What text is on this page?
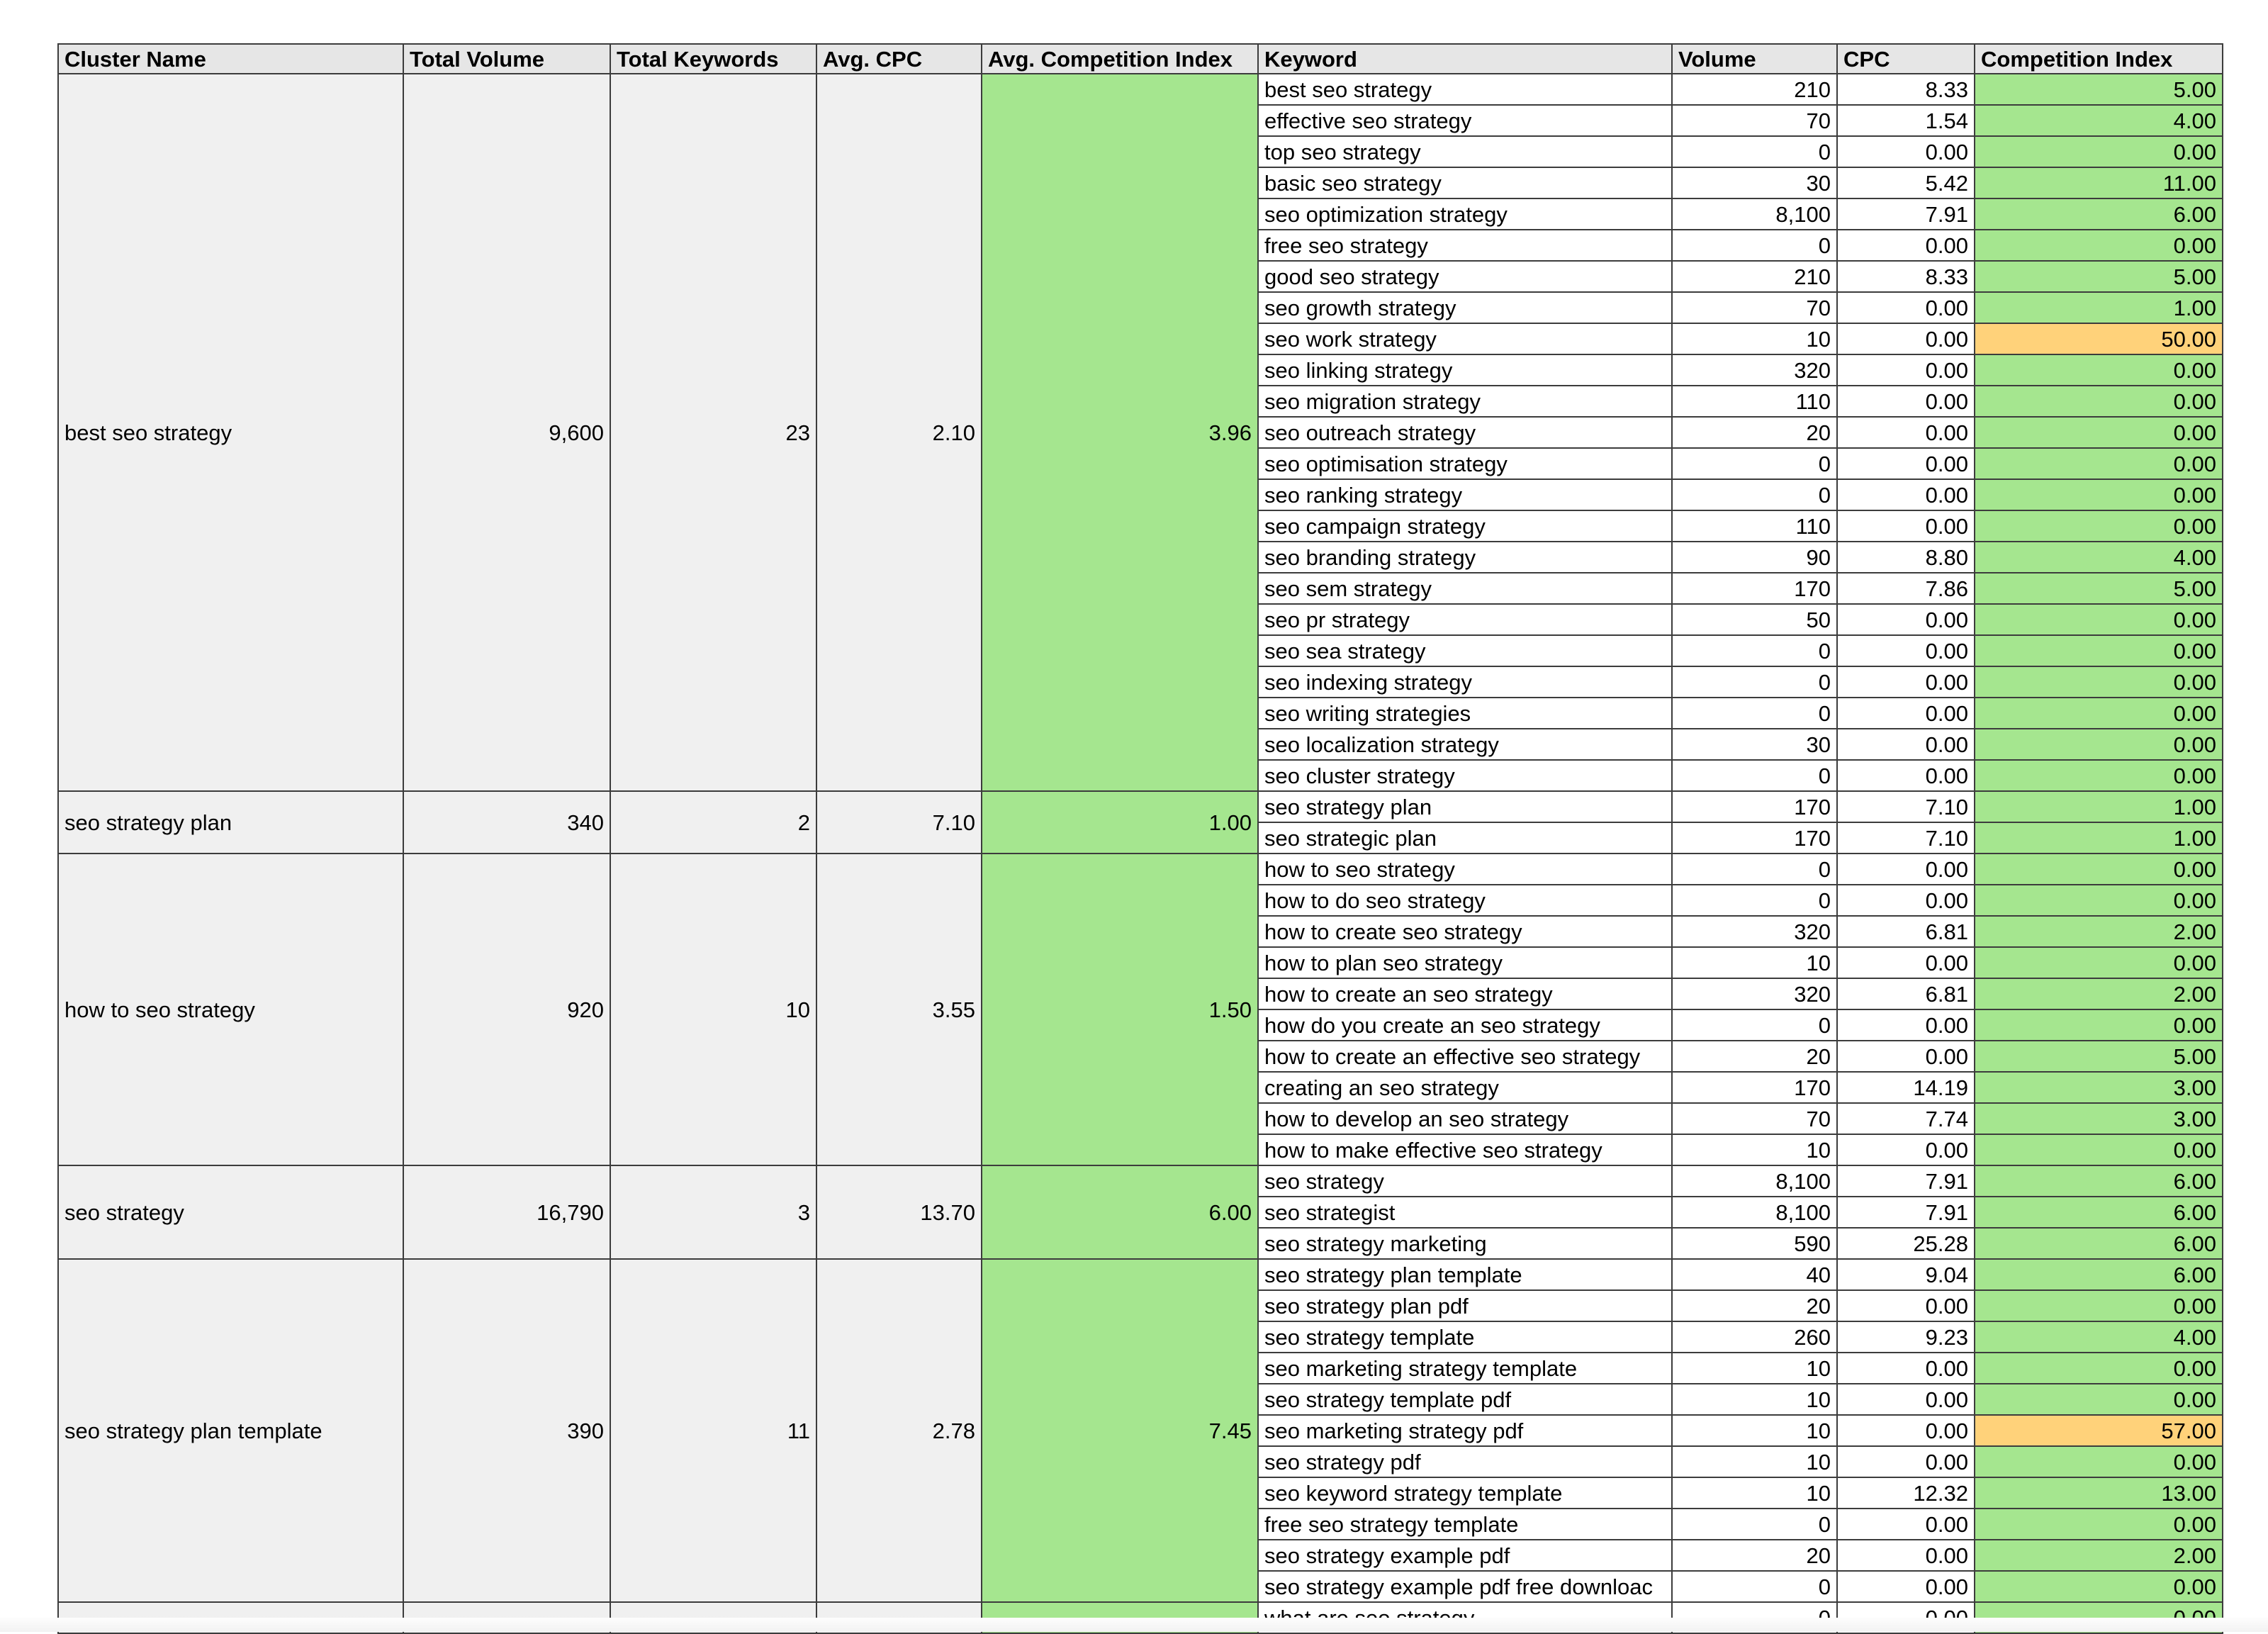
Cluster Name	Total Volume	Total Keywords	Avg. CPC	Avg. Competition Index	Keyword	Volume	CPC	Competition Index
best seo strategy	9,600	23	2.10	3.96	best seo strategy	210	8.33	5.00
					effective seo strategy	70	1.54	4.00
					top seo strategy	0	0.00	0.00
					basic seo strategy	30	5.42	11.00
					seo optimization strategy	8,100	7.91	6.00
					free seo strategy	0	0.00	0.00
					good seo strategy	210	8.33	5.00
					seo growth strategy	70	0.00	1.00
					seo work strategy	10	0.00	50.00
					seo linking strategy	320	0.00	0.00
					seo migration strategy	110	0.00	0.00
					seo outreach strategy	20	0.00	0.00
					seo optimisation strategy	0	0.00	0.00
					seo ranking strategy	0	0.00	0.00
					seo campaign strategy	110	0.00	0.00
					seo branding strategy	90	8.80	4.00
					seo sem strategy	170	7.86	5.00
					seo pr strategy	50	0.00	0.00
					seo sea strategy	0	0.00	0.00
					seo indexing strategy	0	0.00	0.00
					seo writing strategies	0	0.00	0.00
					seo localization strategy	30	0.00	0.00
					seo cluster strategy	0	0.00	0.00
seo strategy plan	340	2	7.10	1.00	seo strategy plan	170	7.10	1.00
					seo strategic plan	170	7.10	1.00
how to seo strategy	920	10	3.55	1.50	how to seo strategy	0	0.00	0.00
					how to do seo strategy	0	0.00	0.00
					how to create seo strategy	320	6.81	2.00
					how to plan seo strategy	10	0.00	0.00
					how to create an seo strategy	320	6.81	2.00
					how do you create an seo strategy	0	0.00	0.00
					how to create an effective seo strategy	20	0.00	5.00
					creating an seo strategy	170	14.19	3.00
					how to develop an seo strategy	70	7.74	3.00
					how to make effective seo strategy	10	0.00	0.00
seo strategy	16,790	3	13.70	6.00	seo strategy	8,100	7.91	6.00
					seo strategist	8,100	7.91	6.00
					seo strategy marketing	590	25.28	6.00
seo strategy plan template	390	11	2.78	7.45	seo strategy plan template	40	9.04	6.00
					seo strategy plan pdf	20	0.00	0.00
					seo strategy template	260	9.23	4.00
					seo marketing strategy template	10	0.00	0.00
					seo strategy template pdf	10	0.00	0.00
					seo marketing strategy pdf	10	0.00	57.00
					seo strategy pdf	10	0.00	0.00
					seo keyword strategy template	10	12.32	13.00
					free seo strategy template	0	0.00	0.00
					seo strategy example pdf	20	0.00	2.00
					seo strategy example pdf free downloac	0	0.00	0.00
